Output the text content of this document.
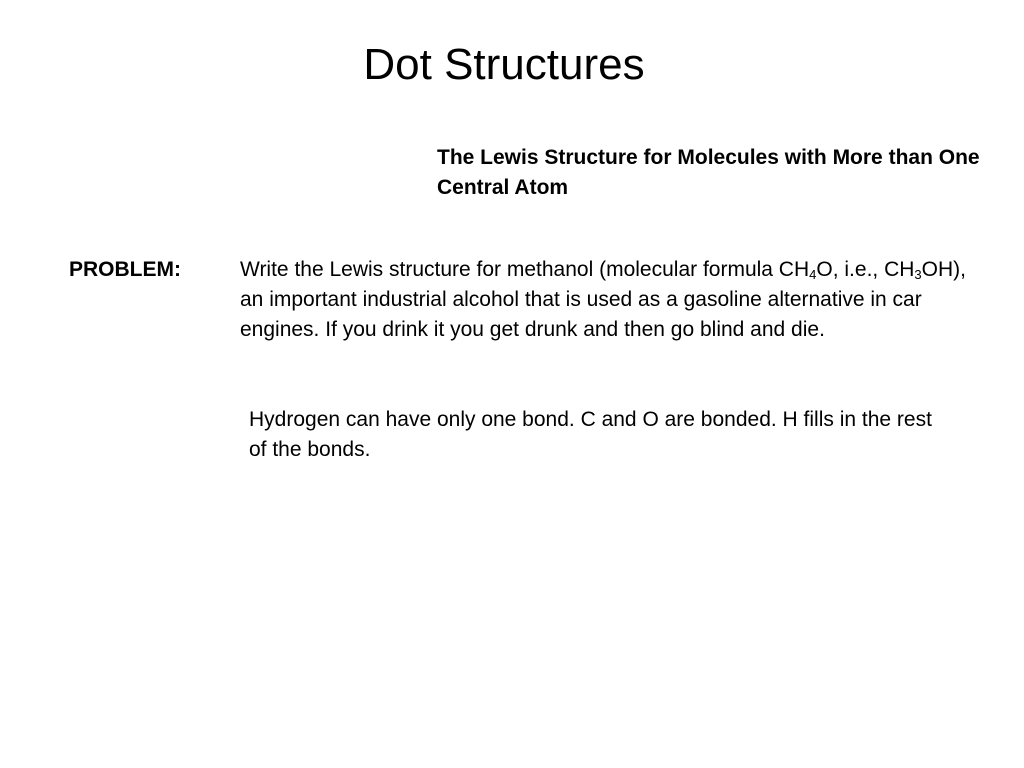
Dot Structures
The Lewis Structure for Molecules with More than One Central Atom
PROBLEM:	Write the Lewis structure for methanol (molecular formula $CH_4O$, i.e., $CH_3OH$), an important industrial alcohol that is used as a gasoline alternative in car engines. If you drink it you get drunk and then go blind and die.
Hydrogen can have only one bond. C and O are bonded. H fills in the rest of the bonds.
